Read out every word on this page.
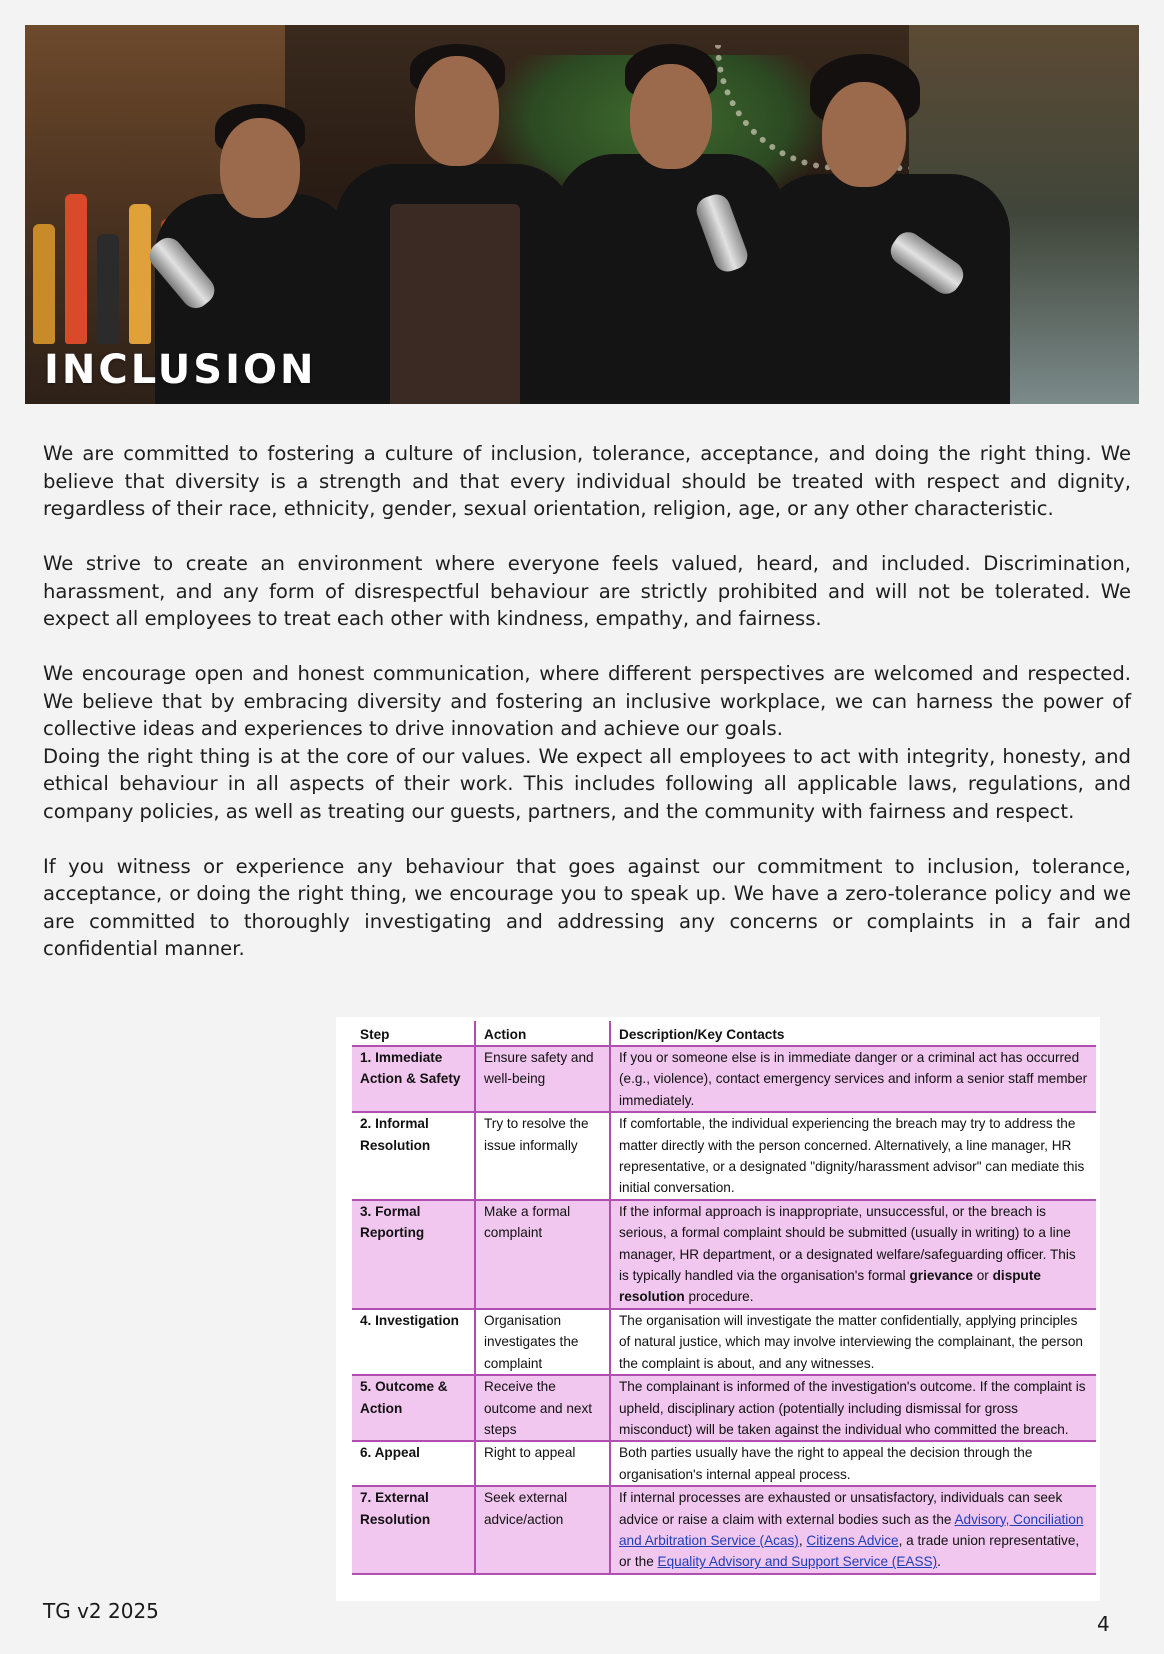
INCLUSION

We are committed to fostering a culture of inclusion, tolerance, acceptance, and doing the right thing. We believe that diversity is a strength and that every individual should be treated with respect and dignity, regardless of their race, ethnicity, gender, sexual orientation, religion, age, or any other characteristic.

We strive to create an environment where everyone feels valued, heard, and included. Discrimination, harassment, and any form of disrespectful behaviour are strictly prohibited and will not be tolerated. We expect all employees to treat each other with kindness, empathy, and fairness.

We encourage open and honest communication, where different perspectives are welcomed and respected. We believe that by embracing diversity and fostering an inclusive workplace, we can harness the power of collective ideas and experiences to drive innovation and achieve our goals.

Doing the right thing is at the core of our values. We expect all employees to act with integrity, honesty, and ethical behaviour in all aspects of their work. This includes following all applicable laws, regulations, and company policies, as well as treating our guests, partners, and the community with fairness and respect.

If you witness or experience any behaviour that goes against our commitment to inclusion, tolerance, acceptance, or doing the right thing, we encourage you to speak up. We have a zero-tolerance policy and we are committed to thoroughly investigating and addressing any concerns or complaints in a fair and confidential manner.

Step	Action	Description/Key Contacts
1. Immediate Action & Safety	Ensure safety and well-being	If you or someone else is in immediate danger or a criminal act has occurred (e.g., violence), contact emergency services and inform a senior staff member immediately.
2. Informal Resolution	Try to resolve the issue informally	If comfortable, the individual experiencing the breach may try to address the matter directly with the person concerned. Alternatively, a line manager, HR representative, or a designated "dignity/harassment advisor" can mediate this initial conversation.
3. Formal Reporting	Make a formal complaint	If the informal approach is inappropriate, unsuccessful, or the breach is serious, a formal complaint should be submitted (usually in writing) to a line manager, HR department, or a designated welfare/safeguarding officer. This is typically handled via the organisation's formal grievance or dispute resolution procedure.
4. Investigation	Organisation investigates the complaint	The organisation will investigate the matter confidentially, applying principles of natural justice, which may involve interviewing the complainant, the person the complaint is about, and any witnesses.
5. Outcome & Action	Receive the outcome and next steps	The complainant is informed of the investigation's outcome. If the complaint is upheld, disciplinary action (potentially including dismissal for gross misconduct) will be taken against the individual who committed the breach.
6. Appeal	Right to appeal	Both parties usually have the right to appeal the decision through the organisation's internal appeal process.
7. External Resolution	Seek external advice/action	If internal processes are exhausted or unsatisfactory, individuals can seek advice or raise a claim with external bodies such as the Advisory, Conciliation and Arbitration Service (Acas), Citizens Advice, a trade union representative, or the Equality Advisory and Support Service (EASS).
TG v2 2025
4
